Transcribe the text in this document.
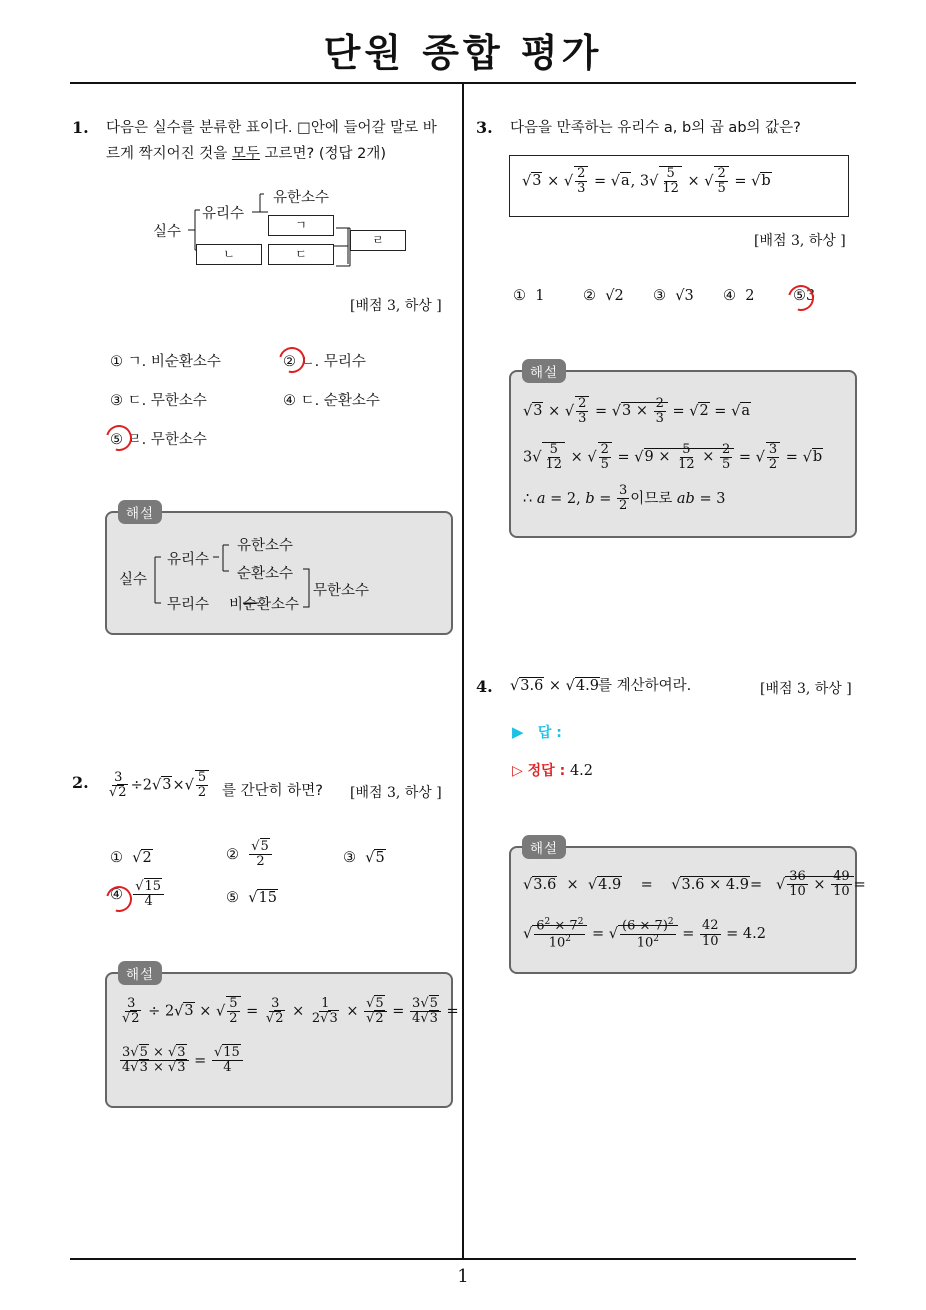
단원 종합 평가
1
1. 다음은 실수를 분류한 표이다. □안에 들어갈 말로 바
르게 짝지어진 것을 모두 고르면? (정답 2개)
실수
유리수
유한소수
ㄱ
ㄴ	ㄷ
ㄹ
[배점 3, 하상 ]
① ㄱ. 비순환소수	② ㄴ. 무리수
③ ㄷ. 무한소수	④ ㄷ. 순환소수
⑤ ㄹ. 무한소수
실수
유리수
유한소수
순환소수
무리수 비순환소수
무한소수
해설
2. $\frac{3}{√2} \div 2√3\times√ \frac{5}{2}$ 를 간단히 하면? [배점 3, 하상 ]
①  √2	② $\frac{√5}{2}$	③  √5
④ $\frac{√15}{4}$	⑤  √15
$\frac{3}{√2} \div 2√3$ × √ $\frac{5}{2} = \frac{3}{√2} \times \frac{1}{2√3} \times \frac{√5}{√2} = \frac{3√5}{4√3}$ =
$\frac{3√5 \times √3}{4√3 \times √3} = \frac{√15}{4}$
해설
3. 다음을 만족하는 유리수 a, b의 곱 ab의 값은?
√3 × √ $\frac{2}{3} = √a$, $3√ \frac{5}{12}$ × √ $\frac{2}{5} = √b$
[배점 3, 하상 ]
① 1	② √2 ③ √3 ④ 2	⑤3
√3 × √ $\frac{2}{3} = √3 \times \frac{2}{3} = √2 = √a$
$3√ \frac{5}{12}$ × √ $\frac{2}{5} = √9 \times \frac{5}{12} \times \frac{2}{5}$ = √ $\frac{3}{2} = √b$
∴ a = 2, $b = \frac{3}{2}$ 이므로 ab = 3
해설
4. √3.6 × √4.9 를 계산하여라.	[배점 3, 하상 ]
▶ 답 :
▷ 정답 : 4.2
√3.6  ×  √4.9    =    √3.6 × 4.9=   √ $\frac{36}{10} \times \frac{49}{10}$ =
√ $\frac{6^2 \times 7^2}{10^2}$ = √ $\frac{(6 \times 7)^2}{10^2} = \frac{42}{10} = 4.2$
해설
